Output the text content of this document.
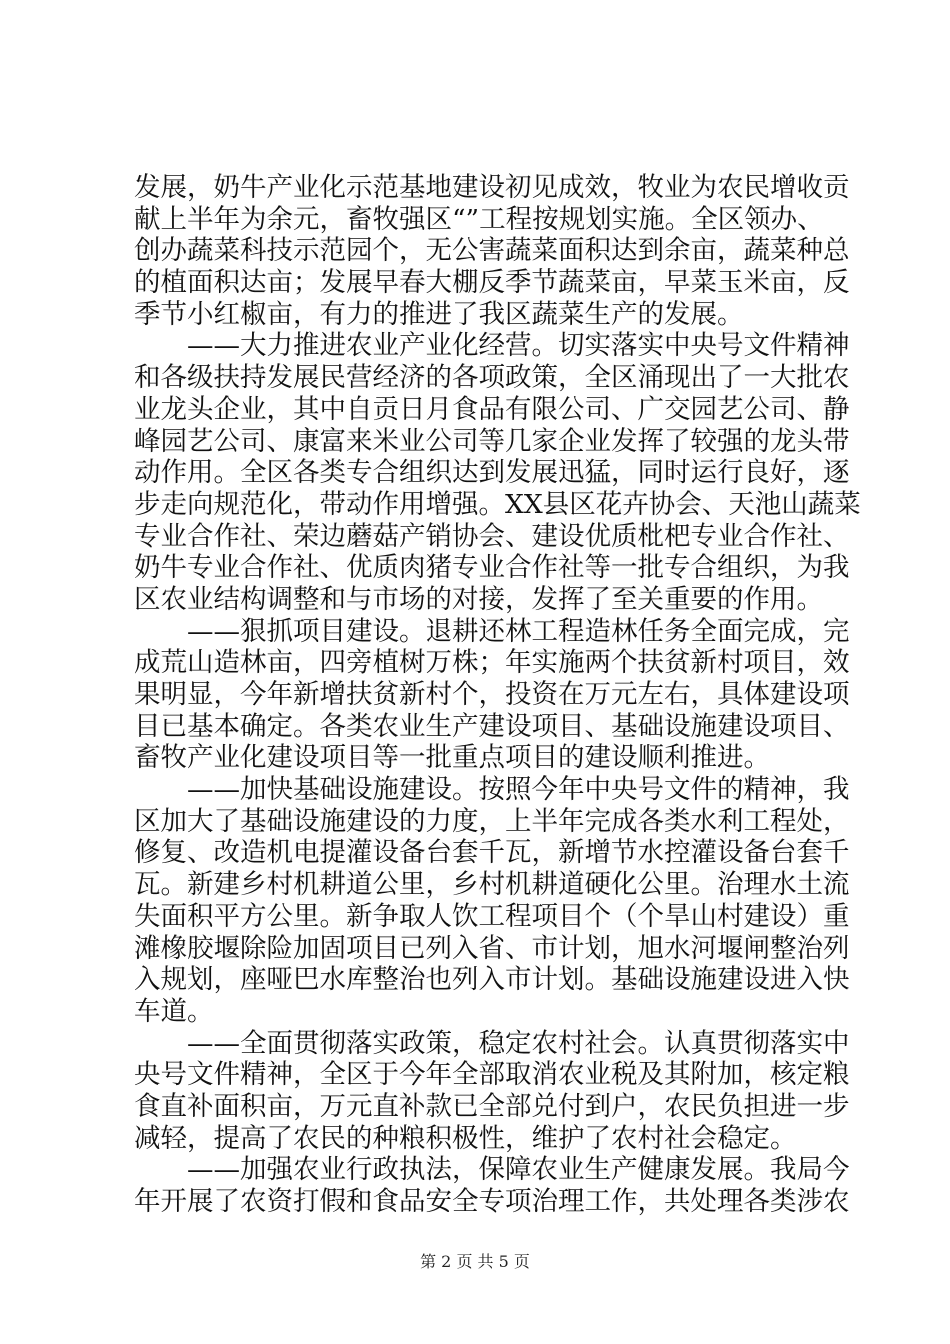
发展，奶牛产业化示范基地建设初见成效，牧业为农民增收贡
献上半年为余元，畜牧强区“”工程按规划实施。全区领办、
创办蔬菜科技示范园个，无公害蔬菜面积达到余亩，蔬菜种总
的植面积达亩；发展早春大棚反季节蔬菜亩，早菜玉米亩，反
季节小红椒亩，有力的推进了我区蔬菜生产的发展。
　　——大力推进农业产业化经营。切实落实中央号文件精神
和各级扶持发展民营经济的各项政策，全区涌现出了一大批农
业龙头企业，其中自贡日月食品有限公司、广交园艺公司、静
峰园艺公司、康富来米业公司等几家企业发挥了较强的龙头带
动作用。全区各类专合组织达到发展迅猛，同时运行良好，逐
步走向规范化，带动作用增强。XX县区花卉协会、天池山蔬菜
专业合作社、荣边蘑菇产销协会、建设优质枇杷专业合作社、
奶牛专业合作社、优质肉猪专业合作社等一批专合组织，为我
区农业结构调整和与市场的对接，发挥了至关重要的作用。
　　——狠抓项目建设。退耕还林工程造林任务全面完成，完
成荒山造林亩，四旁植树万株；年实施两个扶贫新村项目，效
果明显，今年新增扶贫新村个，投资在万元左右，具体建设项
目已基本确定。各类农业生产建设项目、基础设施建设项目、
畜牧产业化建设项目等一批重点项目的建设顺利推进。
　　——加快基础设施建设。按照今年中央号文件的精神，我
区加大了基础设施建设的力度，上半年完成各类水利工程处，
修复、改造机电提灌设备台套千瓦，新增节水控灌设备台套千
瓦。新建乡村机耕道公里，乡村机耕道硬化公里。治理水土流
失面积平方公里。新争取人饮工程项目个（个旱山村建设）重
滩橡胶堰除险加固项目已列入省、市计划，旭水河堰闸整治列
入规划，座哑巴水库整治也列入市计划。基础设施建设进入快
车道。
　　——全面贯彻落实政策，稳定农村社会。认真贯彻落实中
央号文件精神，全区于今年全部取消农业税及其附加，核定粮
食直补面积亩，万元直补款已全部兑付到户，农民负担进一步
减轻，提高了农民的种粮积极性，维护了农村社会稳定。
　　——加强农业行政执法，保障农业生产健康发展。我局今
年开展了农资打假和食品安全专项治理工作，共处理各类涉农
第 2 页 共 5 页
